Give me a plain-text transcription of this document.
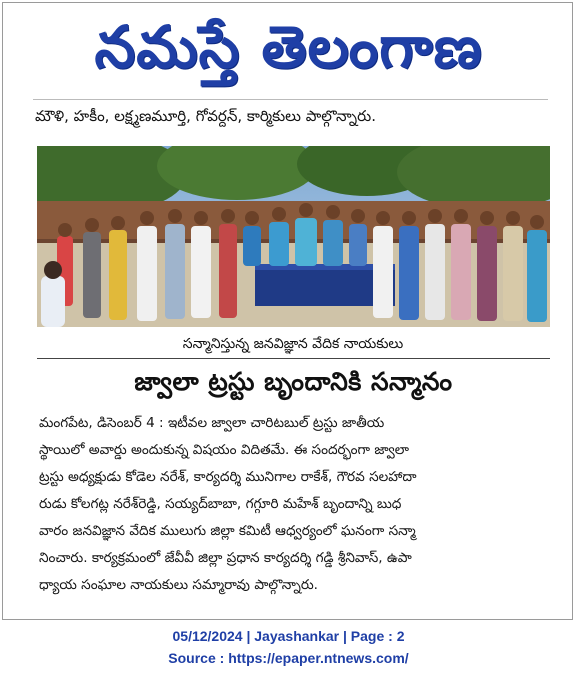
నమస్తే తెలంగాణ
మౌళి, హకీం, లక్ష్మణమూర్తి, గోవర్దన్, కార్మికులు పాల్గొన్నారు.
సన్మానిస్తున్న జనవిజ్ఞాన వేదిక నాయకులు
జ్వాలా ట్రస్టు బృందానికి సన్మానం
మంగపేట, డిసెంబర్ 4 : ఇటీవల జ్వాలా చారిటబుల్ ట్రస్టు జాతీయ
స్థాయిలో అవార్డు అందుకున్న విషయం విదితమే. ఈ సందర్భంగా జ్వాలా
ట్రస్టు అధ్యక్షుడు కోడెల నరేశ్, కార్యదర్శి మునిగాల రాకేశ్, గౌరవ సలహాదా
రుడు కోలగట్ల నరేశ్‌రెడ్డి, సయ్యద్‌బాబా, గగ్గూరి మహేశ్ బృందాన్ని బుధ
వారం జనవిజ్ఞాన వేదిక ములుగు జిల్లా కమిటీ ఆధ్వర్యంలో ఘనంగా సన్మా
నించారు. కార్యక్రమంలో జేవీవీ జిల్లా ప్రధాన కార్యదర్శి గడ్డి శ్రీనివాస్, ఉపా
ధ్యాయ సంఘాల నాయకులు సమ్మారావు పాల్గొన్నారు.
05/12/2024 | Jayashankar | Page : 2
Source : https://epaper.ntnews.com/
